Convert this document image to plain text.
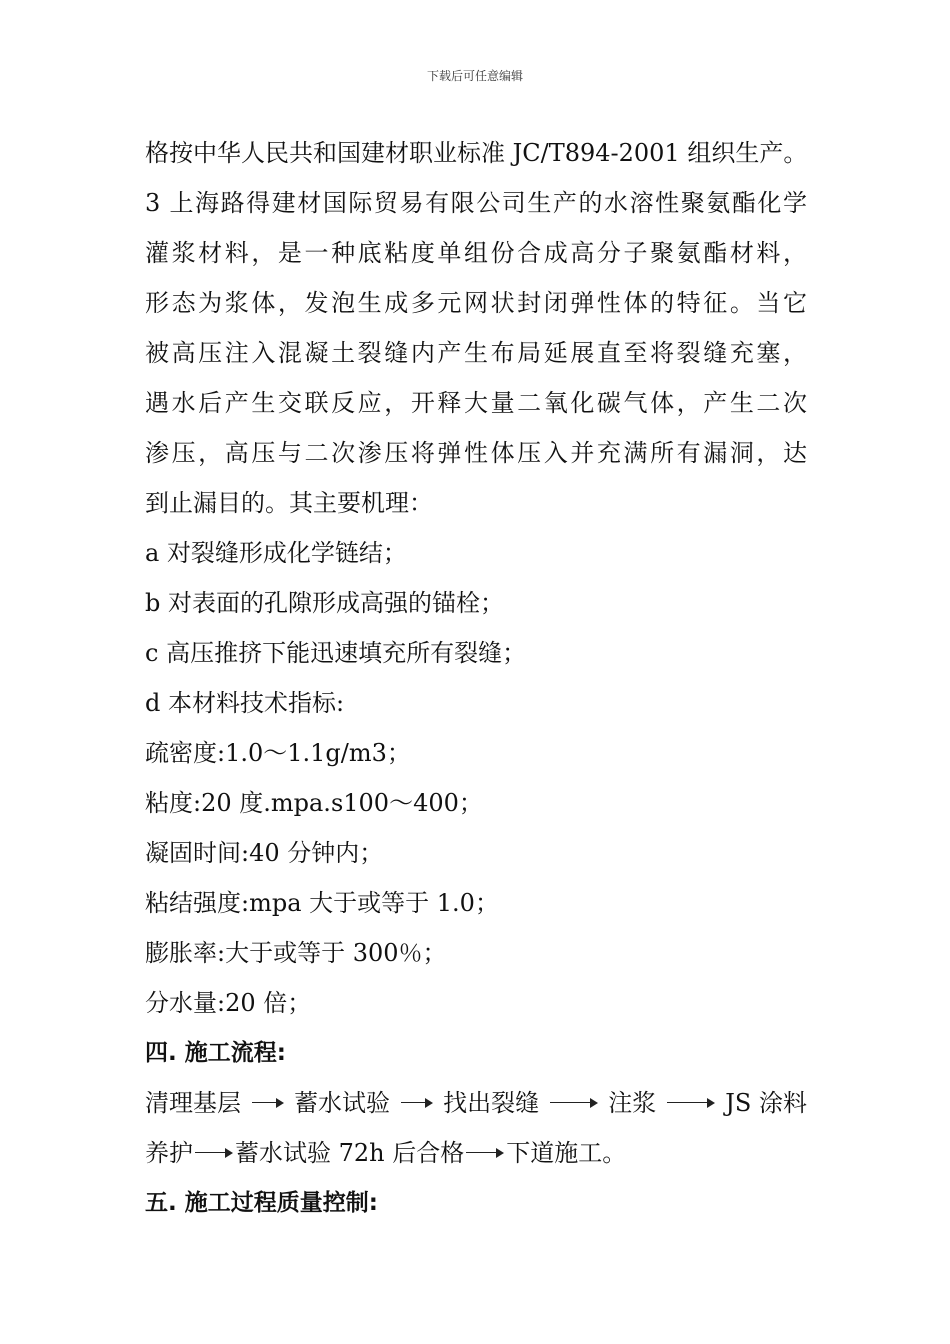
下载后可任意编辑
格按中华人民共和国建材职业标准 JC/T894-2001 组织生产。
3 上海路得建材国际贸易有限公司生产的水溶性聚氨酯化学
灌浆材料，是一种底粘度单组份合成高分子聚氨酯材料，
形态为浆体，发泡生成多元网状封闭弹性体的特征。当它
被高压注入混凝土裂缝内产生布局延展直至将裂缝充塞，
遇水后产生交联反应，开释大量二氧化碳气体，产生二次
渗压，高压与二次渗压将弹性体压入并充满所有漏洞，达
到止漏目的。其主要机理：
a 对裂缝形成化学链结；
b 对表面的孔隙形成高强的锚栓；
c 高压推挤下能迅速填充所有裂缝；
d 本材料技术指标:
疏密度:1.0～1.1g/m3；
粘度:20 度.mpa.s100～400；
凝固时间:40 分钟内；
粘结强度:mpa 大于或等于 1.0；
膨胀率:大于或等于 300％；
分水量:20 倍；
四. 施工流程:
清理基层 蓄水试验 找出裂缝	注浆	JS 涂料
养护 蓄水试验 72h 后合格 下道施工。
五. 施工过程质量控制:
